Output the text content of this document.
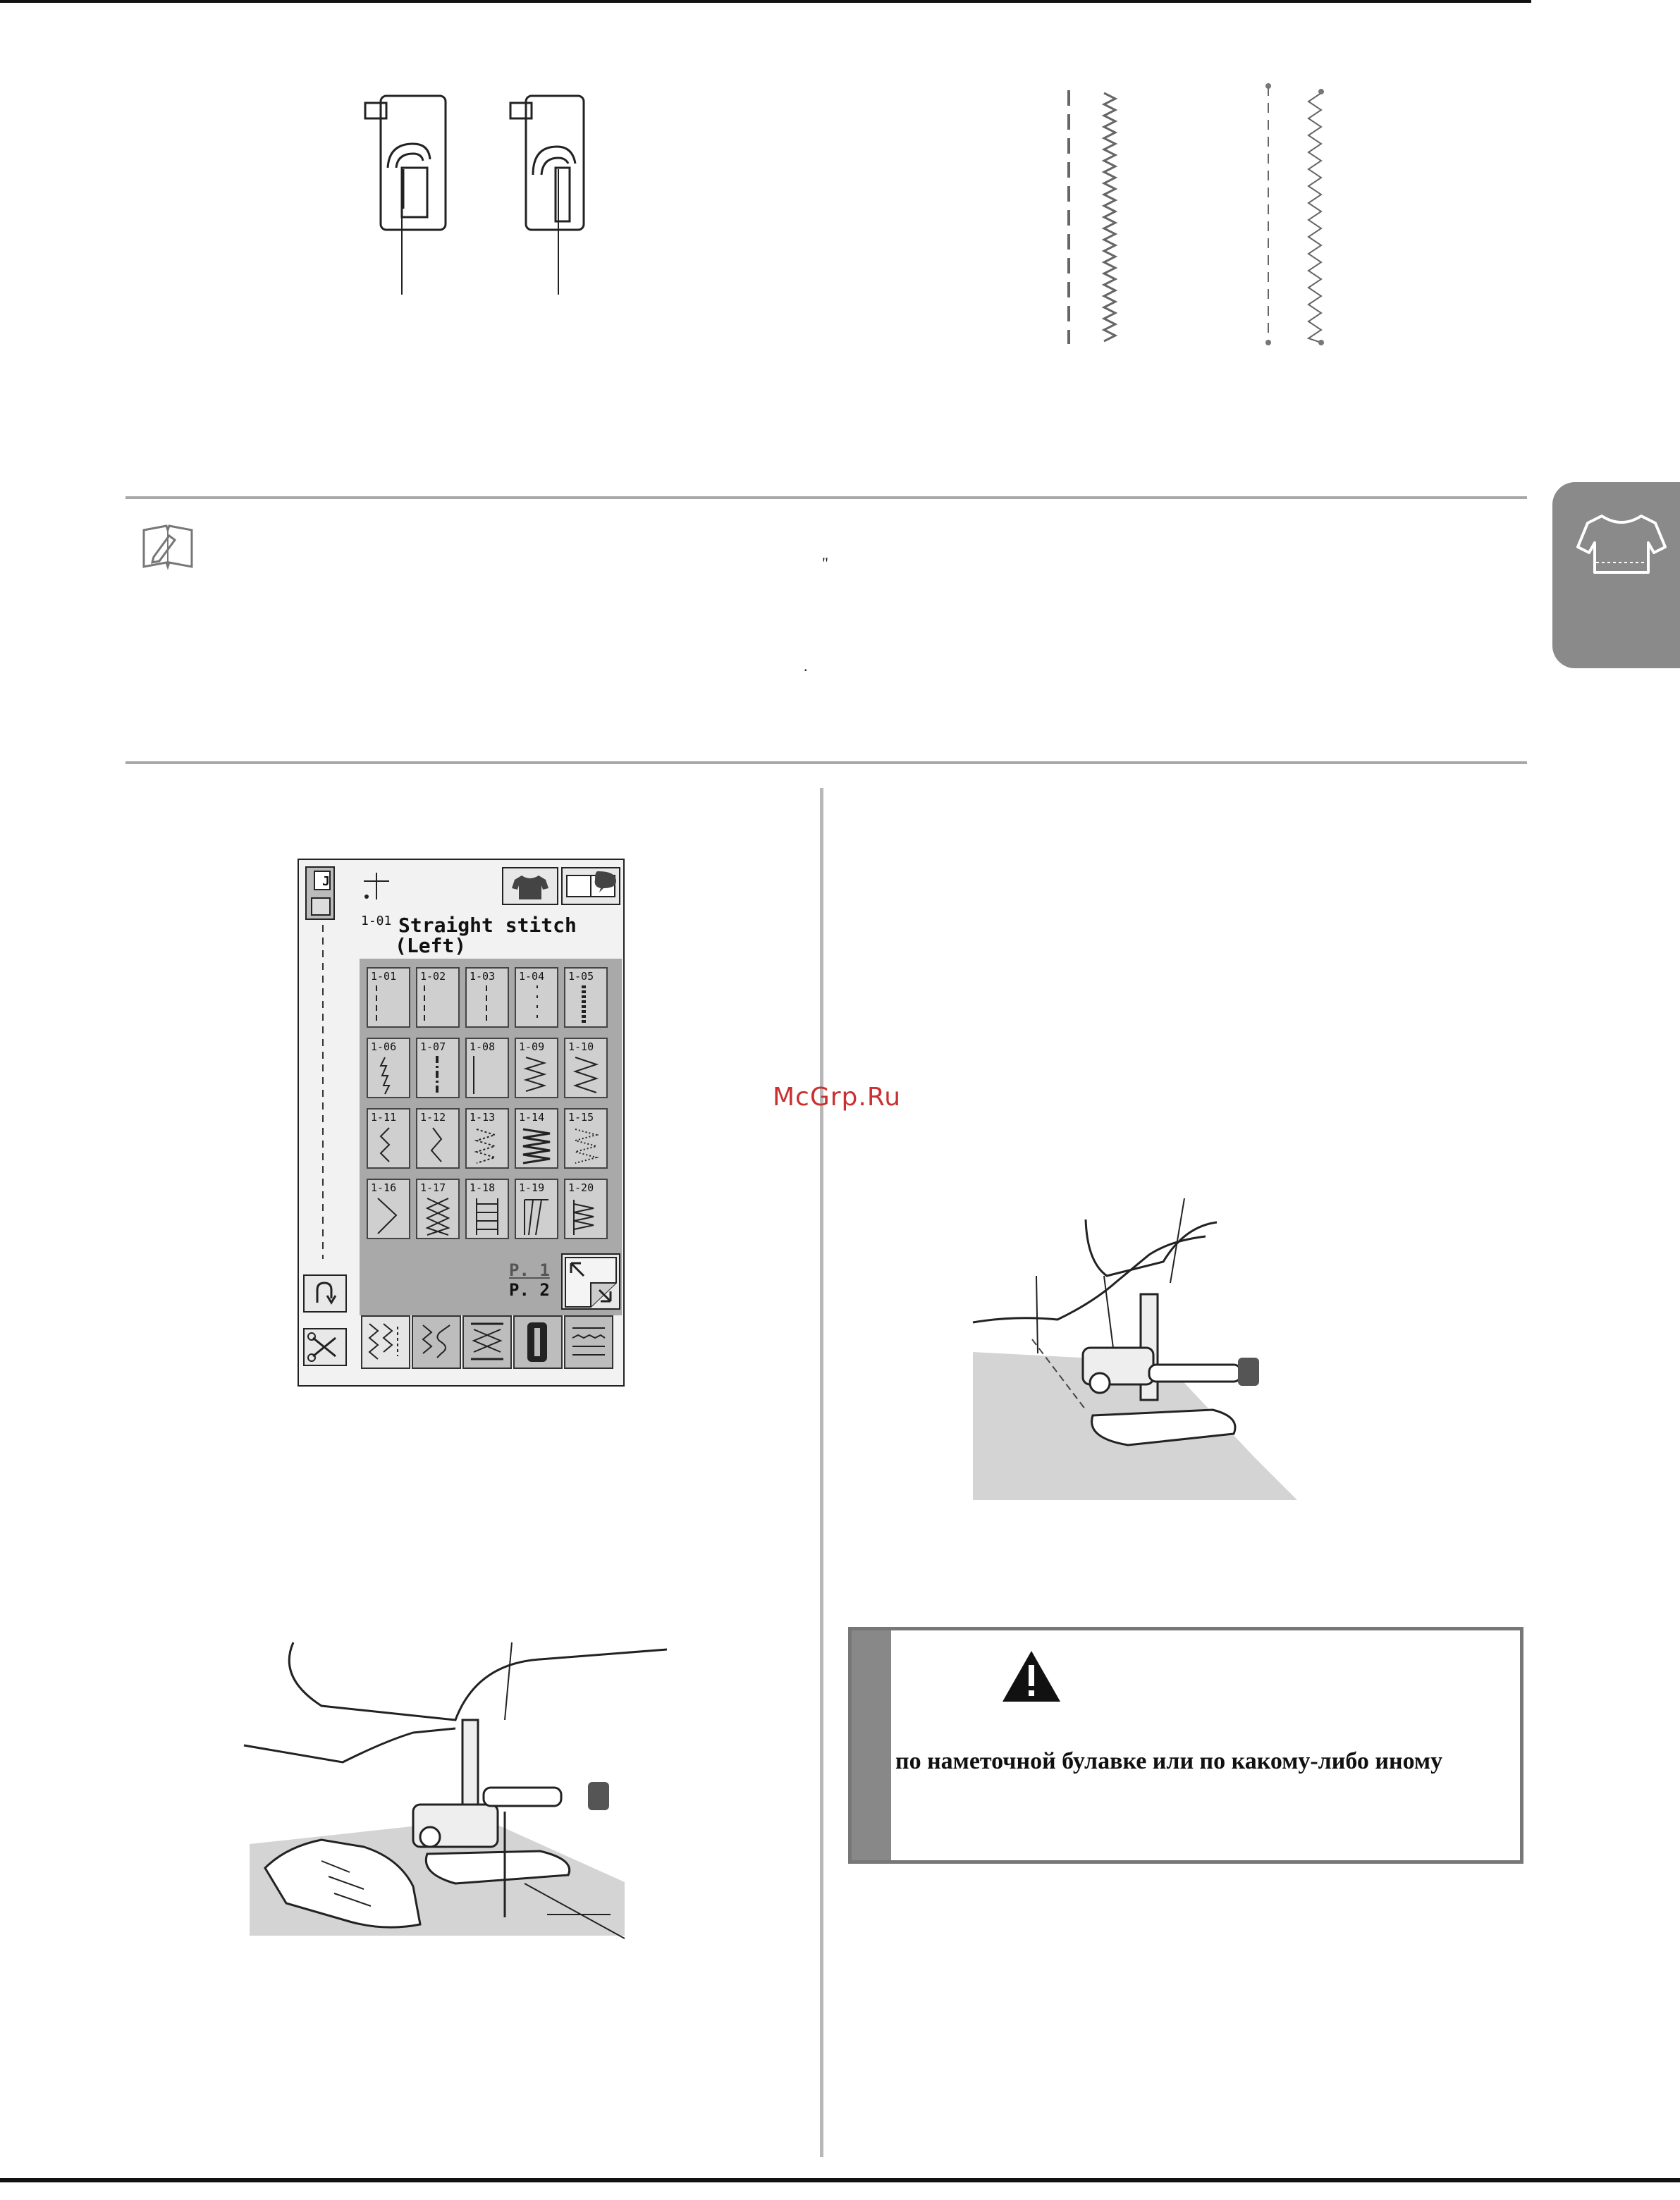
"
.
J
1-01 Straight stitch
(Left)
1-01 1-02 1-03 1-04 1-05
1-06 1-07 1-08 1-09 1-10
1-11 1-12 1-13 1-14 1-15
1-16 1-17 1-18 1-19 1-20
P. 1
P. 2
по наметочной булавке или по какому-либо иному
McGrp.Ru
